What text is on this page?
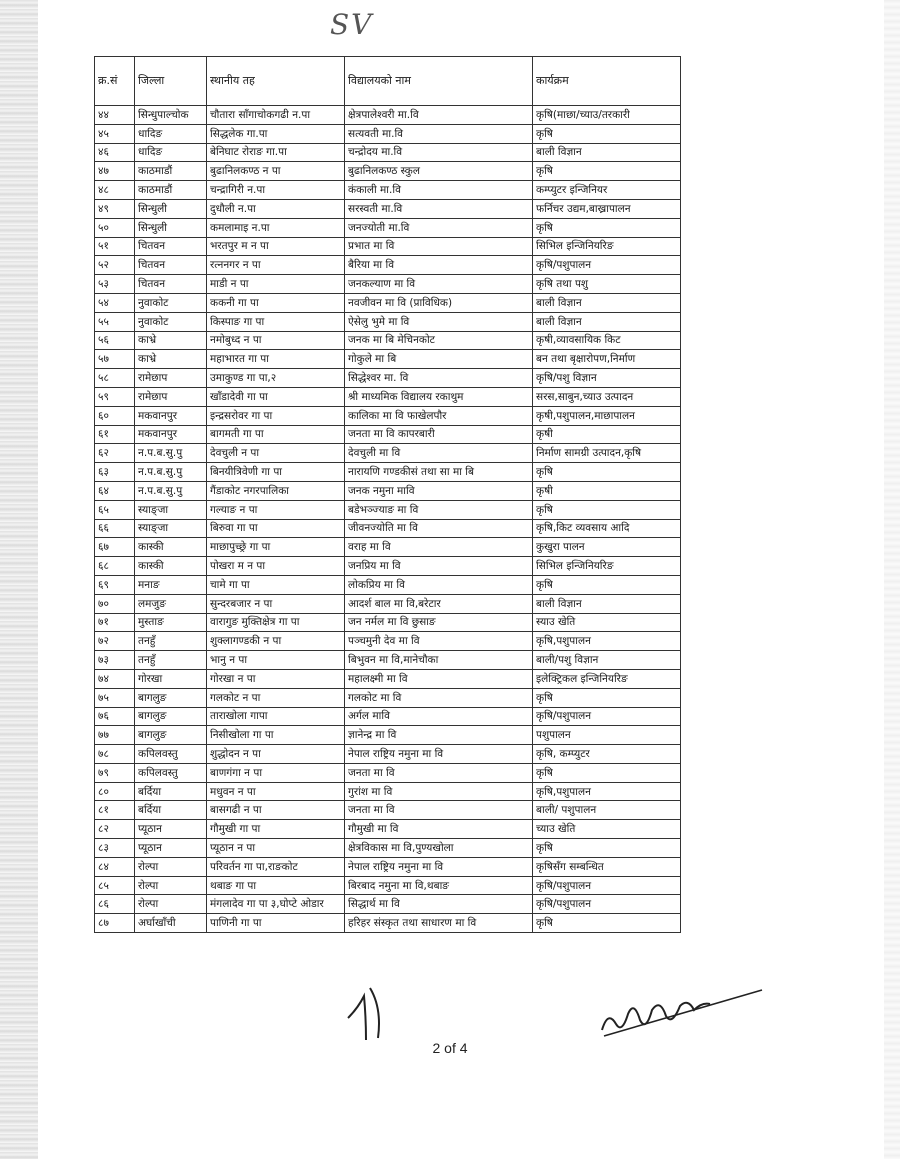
SV
क्र.सं	जिल्ला	स्थानीय तह	विद्यालयको नाम	कार्यक्रम
४४	सिन्धुपाल्चोक	चौतारा साँगाचोकगढी न.पा	क्षेत्रपालेश्वरी मा.वि	कृषि(माछा/च्याउ/तरकारी
४५	धादिङ	सिद्धलेक गा.पा	सत्यवती मा.वि	कृषि
४६	धादिङ	बेनिघाट रोराङ गा.पा	चन्द्रोदय मा.वि	बाली विज्ञान
४७	काठमाडौं	बुढानिलकण्ठ न पा	बुढानिलकण्ठ स्कुल	कृषि
४८	काठमाडौं	चन्द्रागिरी न.पा	कंकाली मा.वि	कम्प्युटर इन्जिनियर
४९	सिन्धुली	दुधौली न.पा	सरस्वती मा.वि	फर्निचर उद्यम,बाख्रापालन
५०	सिन्धुली	कमलामाइ न.पा	जनज्योती मा.वि	कृषि
५१	चितवन	भरतपुर म न पा	प्रभात मा वि	सिभिल इन्जिनियरिङ
५२	चितवन	रत्ननगर न पा	बैरिया मा वि	कृषि/पशुपालन
५३	चितवन	माडी न पा	जनकल्याण मा वि	कृषि तथा पशु
५४	नुवाकोट	ककनी गा पा	नवजीवन मा वि (प्राविधिक)	बाली विज्ञान
५५	नुवाकोट	किस्पाङ गा पा	ऐसेलु भुमे मा वि	बाली विज्ञान
५६	काभ्रे	नमोबुध्द न पा	जनक मा बि मेचिनकोट	कृषी,व्यावसायिक किट
५७	काभ्रे	महाभारत गा पा	गोकुले मा बि	बन तथा बृक्षारोपण,निर्माण
५८	रामेछाप	उमाकुण्ड गा पा,२	सिद्धेश्वर मा. वि	कृषि/पशु विज्ञान
५९	रामेछाप	खाँडादेवी गा पा	श्री माध्यमिक विद्यालय रकाथुम	सरस,साबुन,च्याउ उत्पादन
६०	मकवानपुर	इन्द्रसरोवर गा पा	कालिका मा वि फाखेलपौर	कृषी,पशुपालन,माछापालन
६१	मकवानपुर	बागमती गा पा	जनता मा वि कापरबारी	कृषी
६२	न.प.ब.सु.पु	देवचुली न पा	देवचुली मा वि	निर्माण सामग्री उत्पादन,कृषि
६३	न.प.ब.सु.पु	बिनयीत्रिवेणी गा पा	नारायणि गण्डकीसं तथा सा मा बि	कृषि
६४	न.प.ब.सु.पु	गैंडाकोट नगरपालिका	जनक नमुना मावि	कृषी
६५	स्याङ्जा	गल्याङ न पा	बडेभञ्ज्याङ मा वि	कृषि
६६	स्याङ्जा	बिरुवा गा पा	जीवनज्योति मा वि	कृषि,किट व्यवसाय आदि
६७	कास्की	माछापुच्छ्रे गा पा	वराह मा वि	कुखुरा पालन
६८	कास्की	पोखरा म न पा	जनप्रिय मा वि	सिभिल इन्जिनियरिङ
६९	मनाङ	चामे गा पा	लोकप्रिय मा वि	कृषि
७०	लमजुङ	सुन्दरबजार न पा	आदर्श बाल मा वि,बरेटार	बाली विज्ञान
७१	मुस्ताङ	वारागुङ मुक्तिक्षेत्र गा पा	जन नर्मल मा वि छुसाङ	स्याउ खेति
७२	तनहुँ	शुक्लागण्डकी न पा	पञ्चमुनी देव मा वि	कृषि,पशुपालन
७३	तनहुँ	भानु न पा	बिभुवन मा वि,मानेचौका	बाली/पशु विज्ञान
७४	गोरखा	गोरखा न पा	महालक्ष्मी मा वि	इलेक्ट्रिकल इन्जिनियरिङ
७५	बागलुङ	गलकोट न पा	गलकोट मा वि	कृषि
७६	बागलुङ	ताराखोला गापा	अर्गल मावि	कृषि/पशुपालन
७७	बागलुङ	निसीखोला गा पा	ज्ञानेन्द्र मा वि	पशुपालन
७८	कपिलवस्तु	शुद्धोदन न पा	नेपाल राष्ट्रिय नमुना मा वि	कृषि, कम्प्युटर
७९	कपिलवस्तु	बाणगंगा न पा	जनता मा वि	कृषि
८०	बर्दिया	मधुवन न पा	गुरांश मा वि	कृषि,पशुपालन
८१	बर्दिया	बासगढी न पा	जनता मा वि	बाली/ पशुपालन
८२	प्यूठान	गौमुखी गा पा	गौमुखी मा वि	च्याउ खेति
८३	प्यूठान	प्यूठान न पा	क्षेत्रविकास मा वि,पुण्यखोला	कृषि
८४	रोल्पा	परिवर्तन गा पा,राङकोट	नेपाल राष्ट्रिय नमुना मा वि	कृषिसँग सम्बन्धित
८५	रोल्पा	थबाङ गा पा	बिरबाद नमुना मा वि,थबाङ	कृषि/पशुपालन
८६	रोल्पा	मंगलादेव गा पा ३,घोप्टे ओडार	सिद्धार्थ मा वि	कृषि/पशुपालन
८७	अर्घाखाँची	पाणिनी गा पा	हरिहर संस्कृत तथा साधारण मा वि	कृषि
2 of 4
